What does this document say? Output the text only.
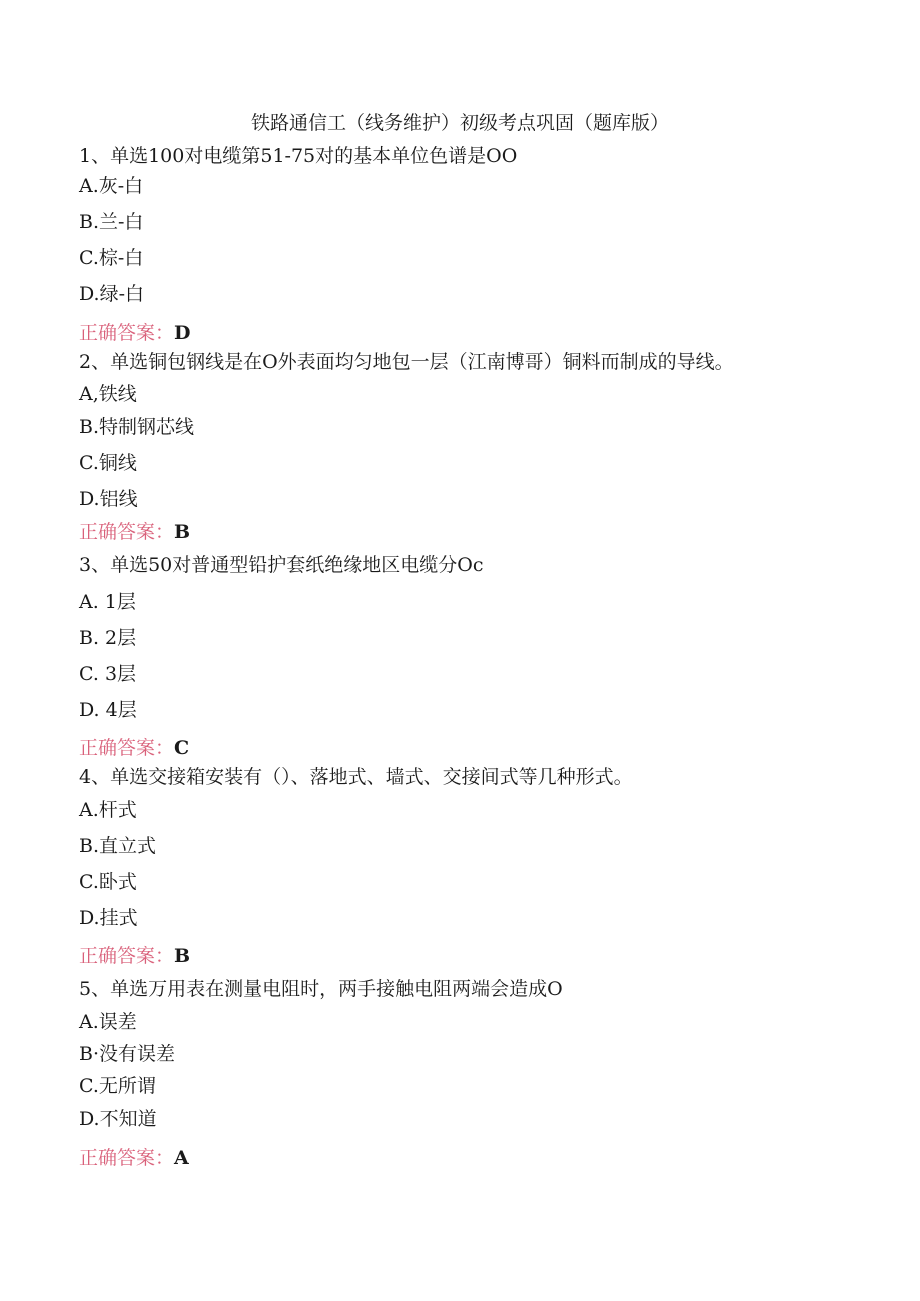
铁路通信工（线务维护）初级考点巩固（题库版）
1、单选100对电缆第51-75对的基本单位色谱是OO
A.灰-白
B.兰-白
C.棕-白
D.绿-白
正确答案：D
2、单选铜包钢线是在O外表面均匀地包一层（江南博哥）铜料而制成的导线。
A,铁线
B.特制钢芯线
C.铜线
D.铝线
正确答案：B
3、单选50对普通型铅护套纸绝缘地区电缆分Oc
A. 1层
B. 2层
C. 3层
D. 4层
正确答案：C
4、单选交接箱安装有（）、落地式、墙式、交接间式等几种形式。
A.杆式
B.直立式
C.卧式
D.挂式
正确答案：B
5、单选万用表在测量电阻时，两手接触电阻两端会造成O
A.误差
B·没有误差
C.无所谓
D.不知道
正确答案：A
